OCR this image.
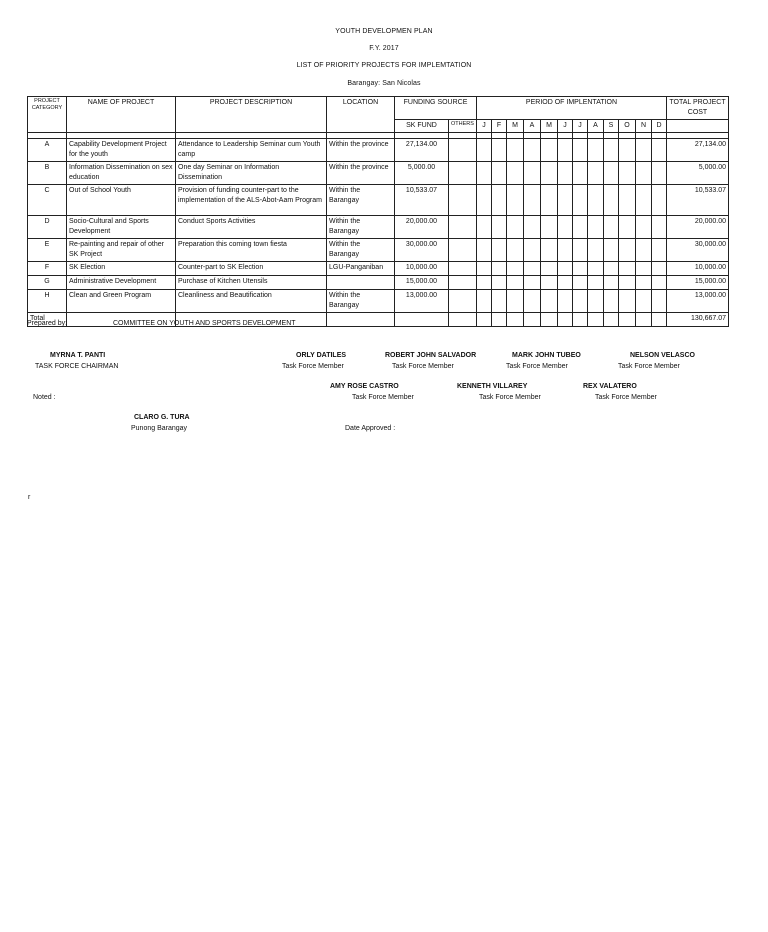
YOUTH DEVELOPMEN PLAN
F.Y. 2017
LIST OF PRIORITY PROJECTS FOR IMPLEMTATION
Barangay: San Nicolas
PROJECT CATEGORY	NAME OF PROJECT	PROJECT DESCRIPTION	LOCATION	FUNDING SOURCE		PERIOD OF IMPLENTATION												TOTAL PROJECT COST
				SK FUND	OTHERS	J	F	M	A	M	J	J	A	S	O	N	D	

A	Capability Development Project for the youth	Attendance to Leadership Seminar cum Youth camp	Within the province	27,134.00														27,134.00
B	Information Dissemination on sex education	One day Seminar on Information Dissemination	Within the province	5,000.00														5,000.00
C	Out of School Youth	Provision of funding counter-part to the implementation of the ALS-Abot-Aam Program	Within the Barangay	10,533.07														10,533.07
D	Socio-Cultural and Sports Development	Conduct Sports Activities	Within the Barangay	20,000.00														20,000.00
E	Re-painting and repair of other SK Project	Preparation this coming town fiesta	Within the Barangay	30,000.00														30,000.00
F	SK Election	Counter-part to SK Election	LGU-Panganiban	10,000.00														10,000.00
G	Administrative Development	Purchase of Kitchen Utensils		15,000.00														15,000.00
H	Clean and Green Program	Cleanliness and Beautification	Within the Barangay	13,000.00														13,000.00
Total																		130,667.07
Prepared by:	COMMITTEE ON YOUTH AND SPORTS DEVELOPMENT
MYRNA T. PANTI
TASK FORCE CHAIRMAN
ORLY DATILES
Task Force Member
ROBERT JOHN SALVADOR
Task Force Member
MARK JOHN TUBEO
Task Force Member
NELSON VELASCO
Task Force Member
AMY ROSE CASTRO
Task Force Member
KENNETH VILLAREY
Task Force Member
REX VALATERO
Task Force Member
Noted :
CLARO G. TURA
Punong Barangay	Date Approved :
r
